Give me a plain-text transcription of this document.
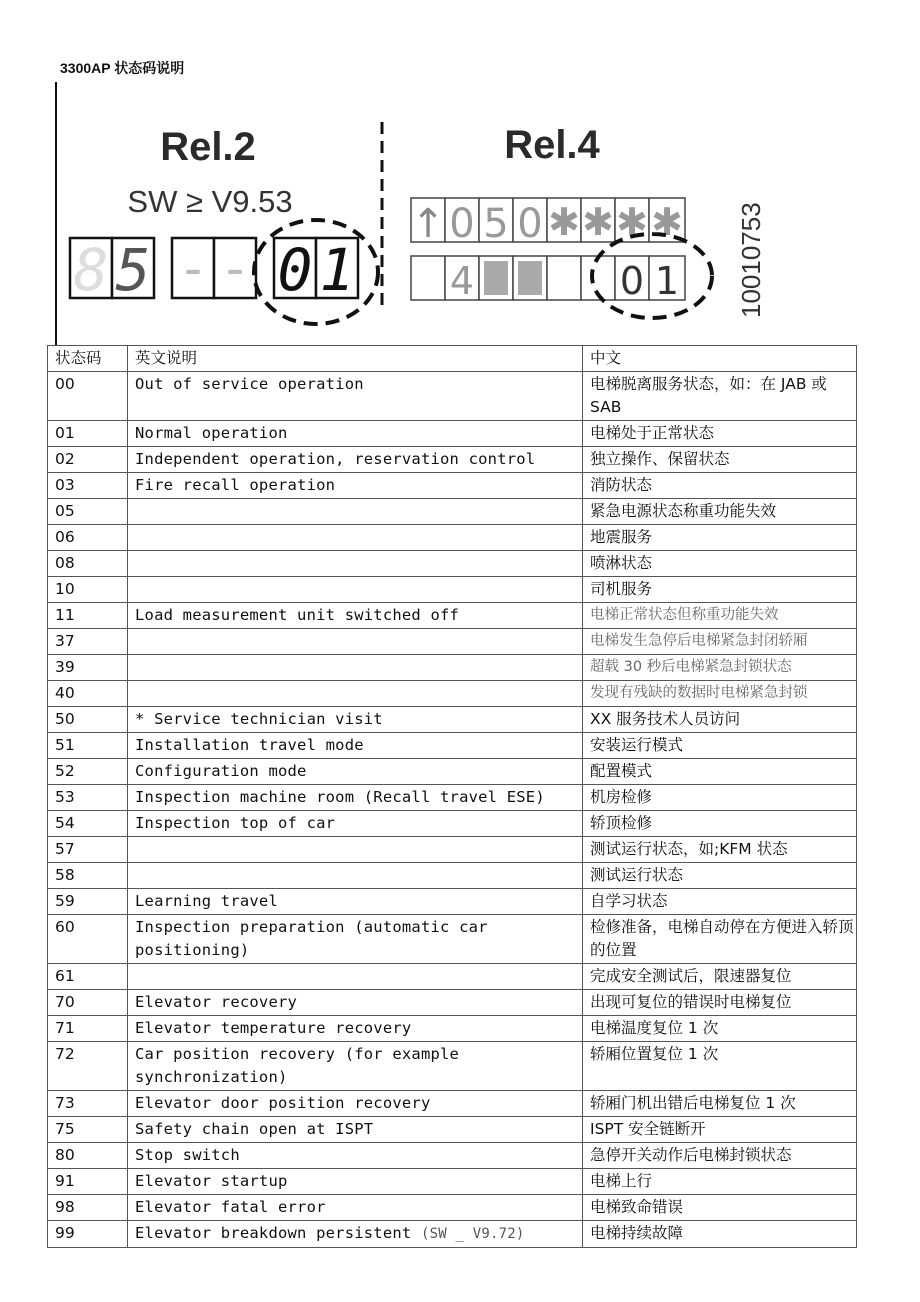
3300AP 状态码说明
Rel.2
SW ≥ V9.53
8 5 - - 0 1
Rel.4
↑ 0 5 0 ✱ ✱ ✱ ✱
4	0 1 10010753
状态码	英文说明	中文
00	Out of service operation	电梯脱离服务状态，如：在 JAB 或 SAB
01	Normal operation	电梯处于正常状态
02	Independent operation, reservation control	独立操作、保留状态
03	Fire recall operation	消防状态
05		紧急电源状态称重功能失效
06		地震服务
08		喷淋状态
10		司机服务
11	Load measurement unit switched off	电梯正常状态但称重功能失效
37		电梯发生急停后电梯紧急封闭轿厢
39		超载 30 秒后电梯紧急封锁状态
40		发现有残缺的数据时电梯紧急封锁
50	* Service technician visit	XX 服务技术人员访问
51	Installation travel mode	安装运行模式
52	Configuration mode	配置模式
53	Inspection machine room (Recall travel ESE)	机房检修
54	Inspection top of car	轿顶检修
57		测试运行状态，如;KFM 状态
58		测试运行状态
59	Learning travel	自学习状态
60	Inspection preparation (automatic car positioning)	检修准备，电梯自动停在方便进入轿顶的位置
61		完成安全测试后，限速器复位
70	Elevator recovery	出现可复位的错误时电梯复位
71	Elevator temperature recovery	电梯温度复位 1 次
72	Car position recovery (for example synchronization)	轿厢位置复位 1 次
73	Elevator door position recovery	轿厢门机出错后电梯复位 1 次
75	Safety chain open at ISPT	ISPT 安全链断开
80	Stop switch	急停开关动作后电梯封锁状态
91	Elevator startup	电梯上行
98	Elevator fatal error	电梯致命错误
99	Elevator breakdown persistent (SW _ V9.72)	电梯持续故障
